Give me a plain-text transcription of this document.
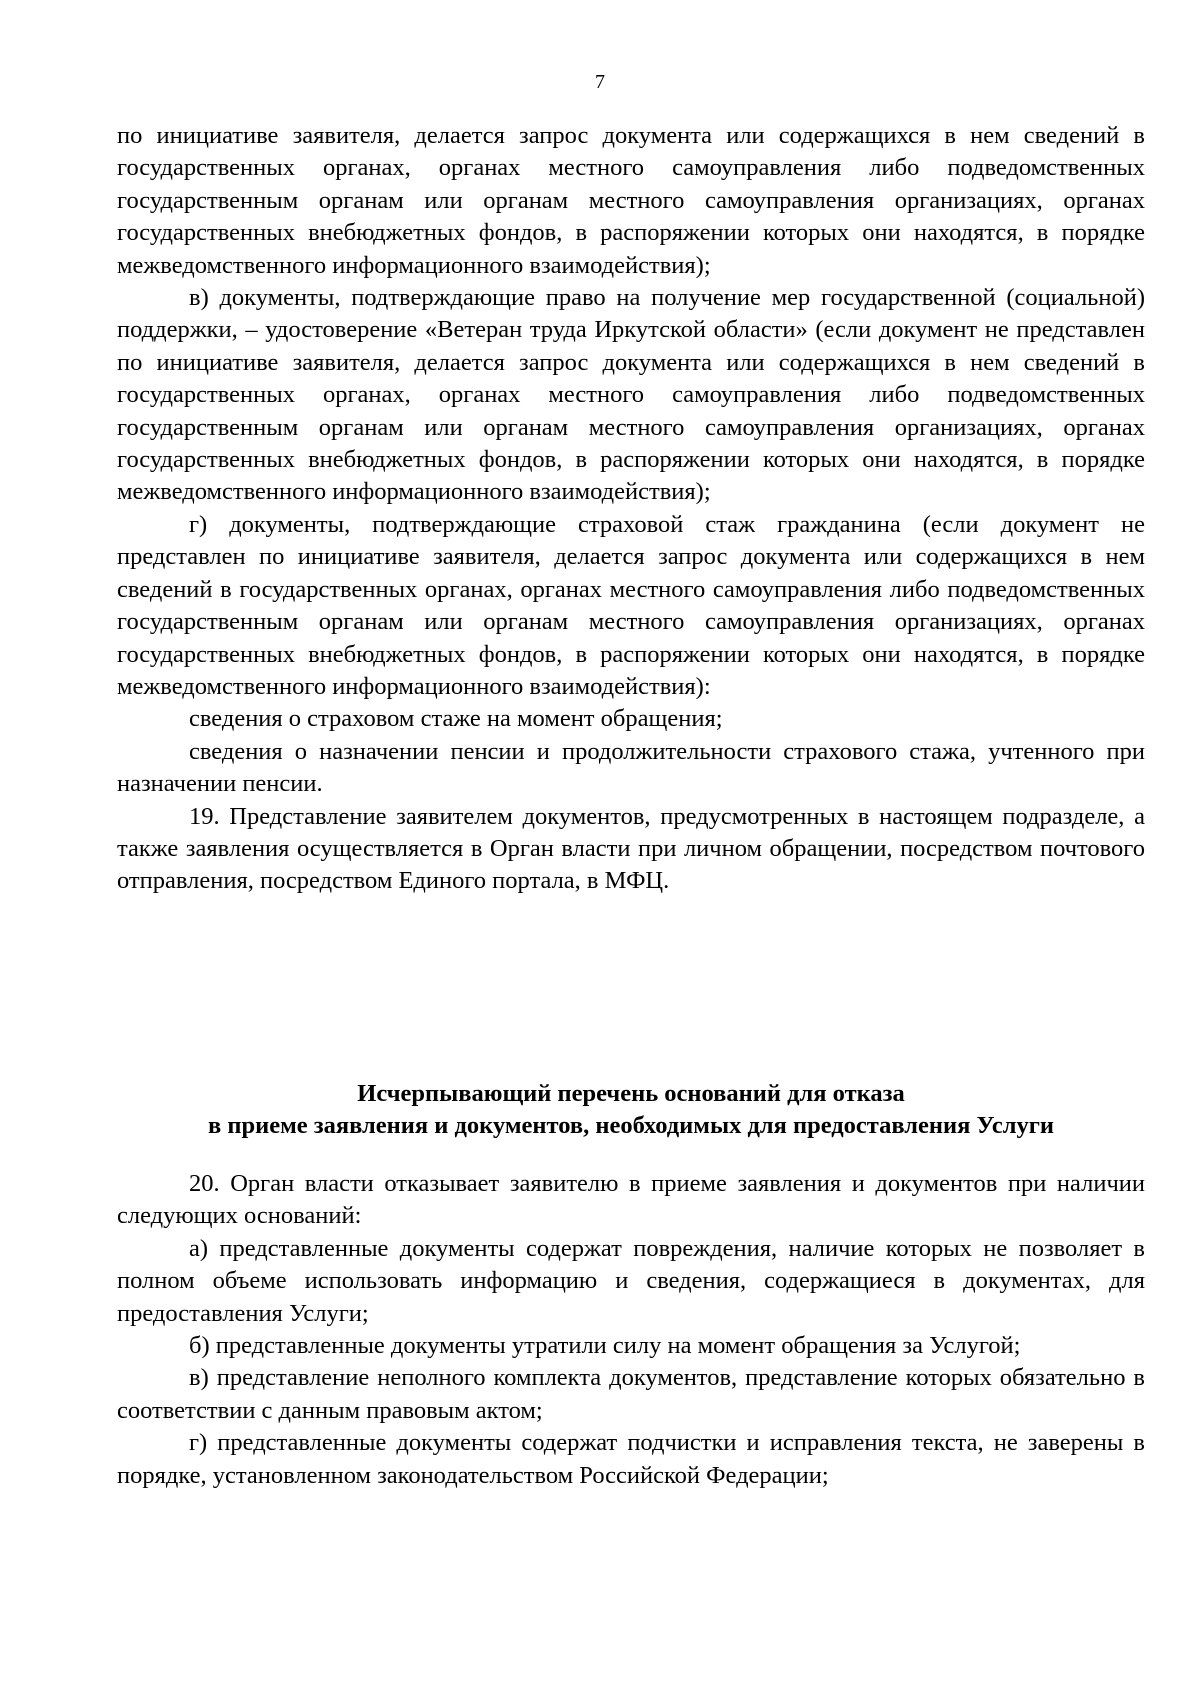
7

по инициативе заявителя, делается запрос документа или содержащихся в нем сведений в государственных органах, органах местного самоуправления либо подведомственных государственным органам или органам местного самоуправления организациях, органах государственных внебюджетных фондов, в распоряжении которых они находятся, в порядке межведомственного информационного взаимодействия);

в) документы, подтверждающие право на получение мер государственной (социальной) поддержки, – удостоверение «Ветеран труда Иркутской области» (если документ не представлен по инициативе заявителя, делается запрос документа или содержащихся в нем сведений в государственных органах, органах местного самоуправления либо подведомственных государственным органам или органам местного самоуправления организациях, органах государственных внебюджетных фондов, в распоряжении которых они находятся, в порядке межведомственного информационного взаимодействия);

г) документы, подтверждающие страховой стаж гражданина (если документ не представлен по инициативе заявителя, делается запрос документа или содержащихся в нем сведений в государственных органах, органах местного самоуправления либо подведомственных государственным органам или органам местного самоуправления организациях, органах государственных внебюджетных фондов, в распоряжении которых они находятся, в порядке межведомственного информационного взаимодействия):

сведения о страховом стаже на момент обращения;

сведения о назначении пенсии и продолжительности страхового стажа, учтенного при назначении пенсии.

19. Представление заявителем документов, предусмотренных в настоящем подразделе, а также заявления осуществляется в Орган власти при личном обращении, посредством почтового отправления, посредством Единого портала, в МФЦ.

Исчерпывающий перечень оснований для отказа
в приеме заявления и документов, необходимых для предоставления Услуги

20. Орган власти отказывает заявителю в приеме заявления и документов при наличии следующих оснований:

а) представленные документы содержат повреждения, наличие которых не позволяет в полном объеме использовать информацию и сведения, содержащиеся в документах, для предоставления Услуги;

б) представленные документы утратили силу на момент обращения за Услугой;

в) представление неполного комплекта документов, представление которых обязательно в соответствии с данным правовым актом;

г) представленные документы содержат подчистки и исправления текста, не заверены в порядке, установленном законодательством Российской Федерации;
